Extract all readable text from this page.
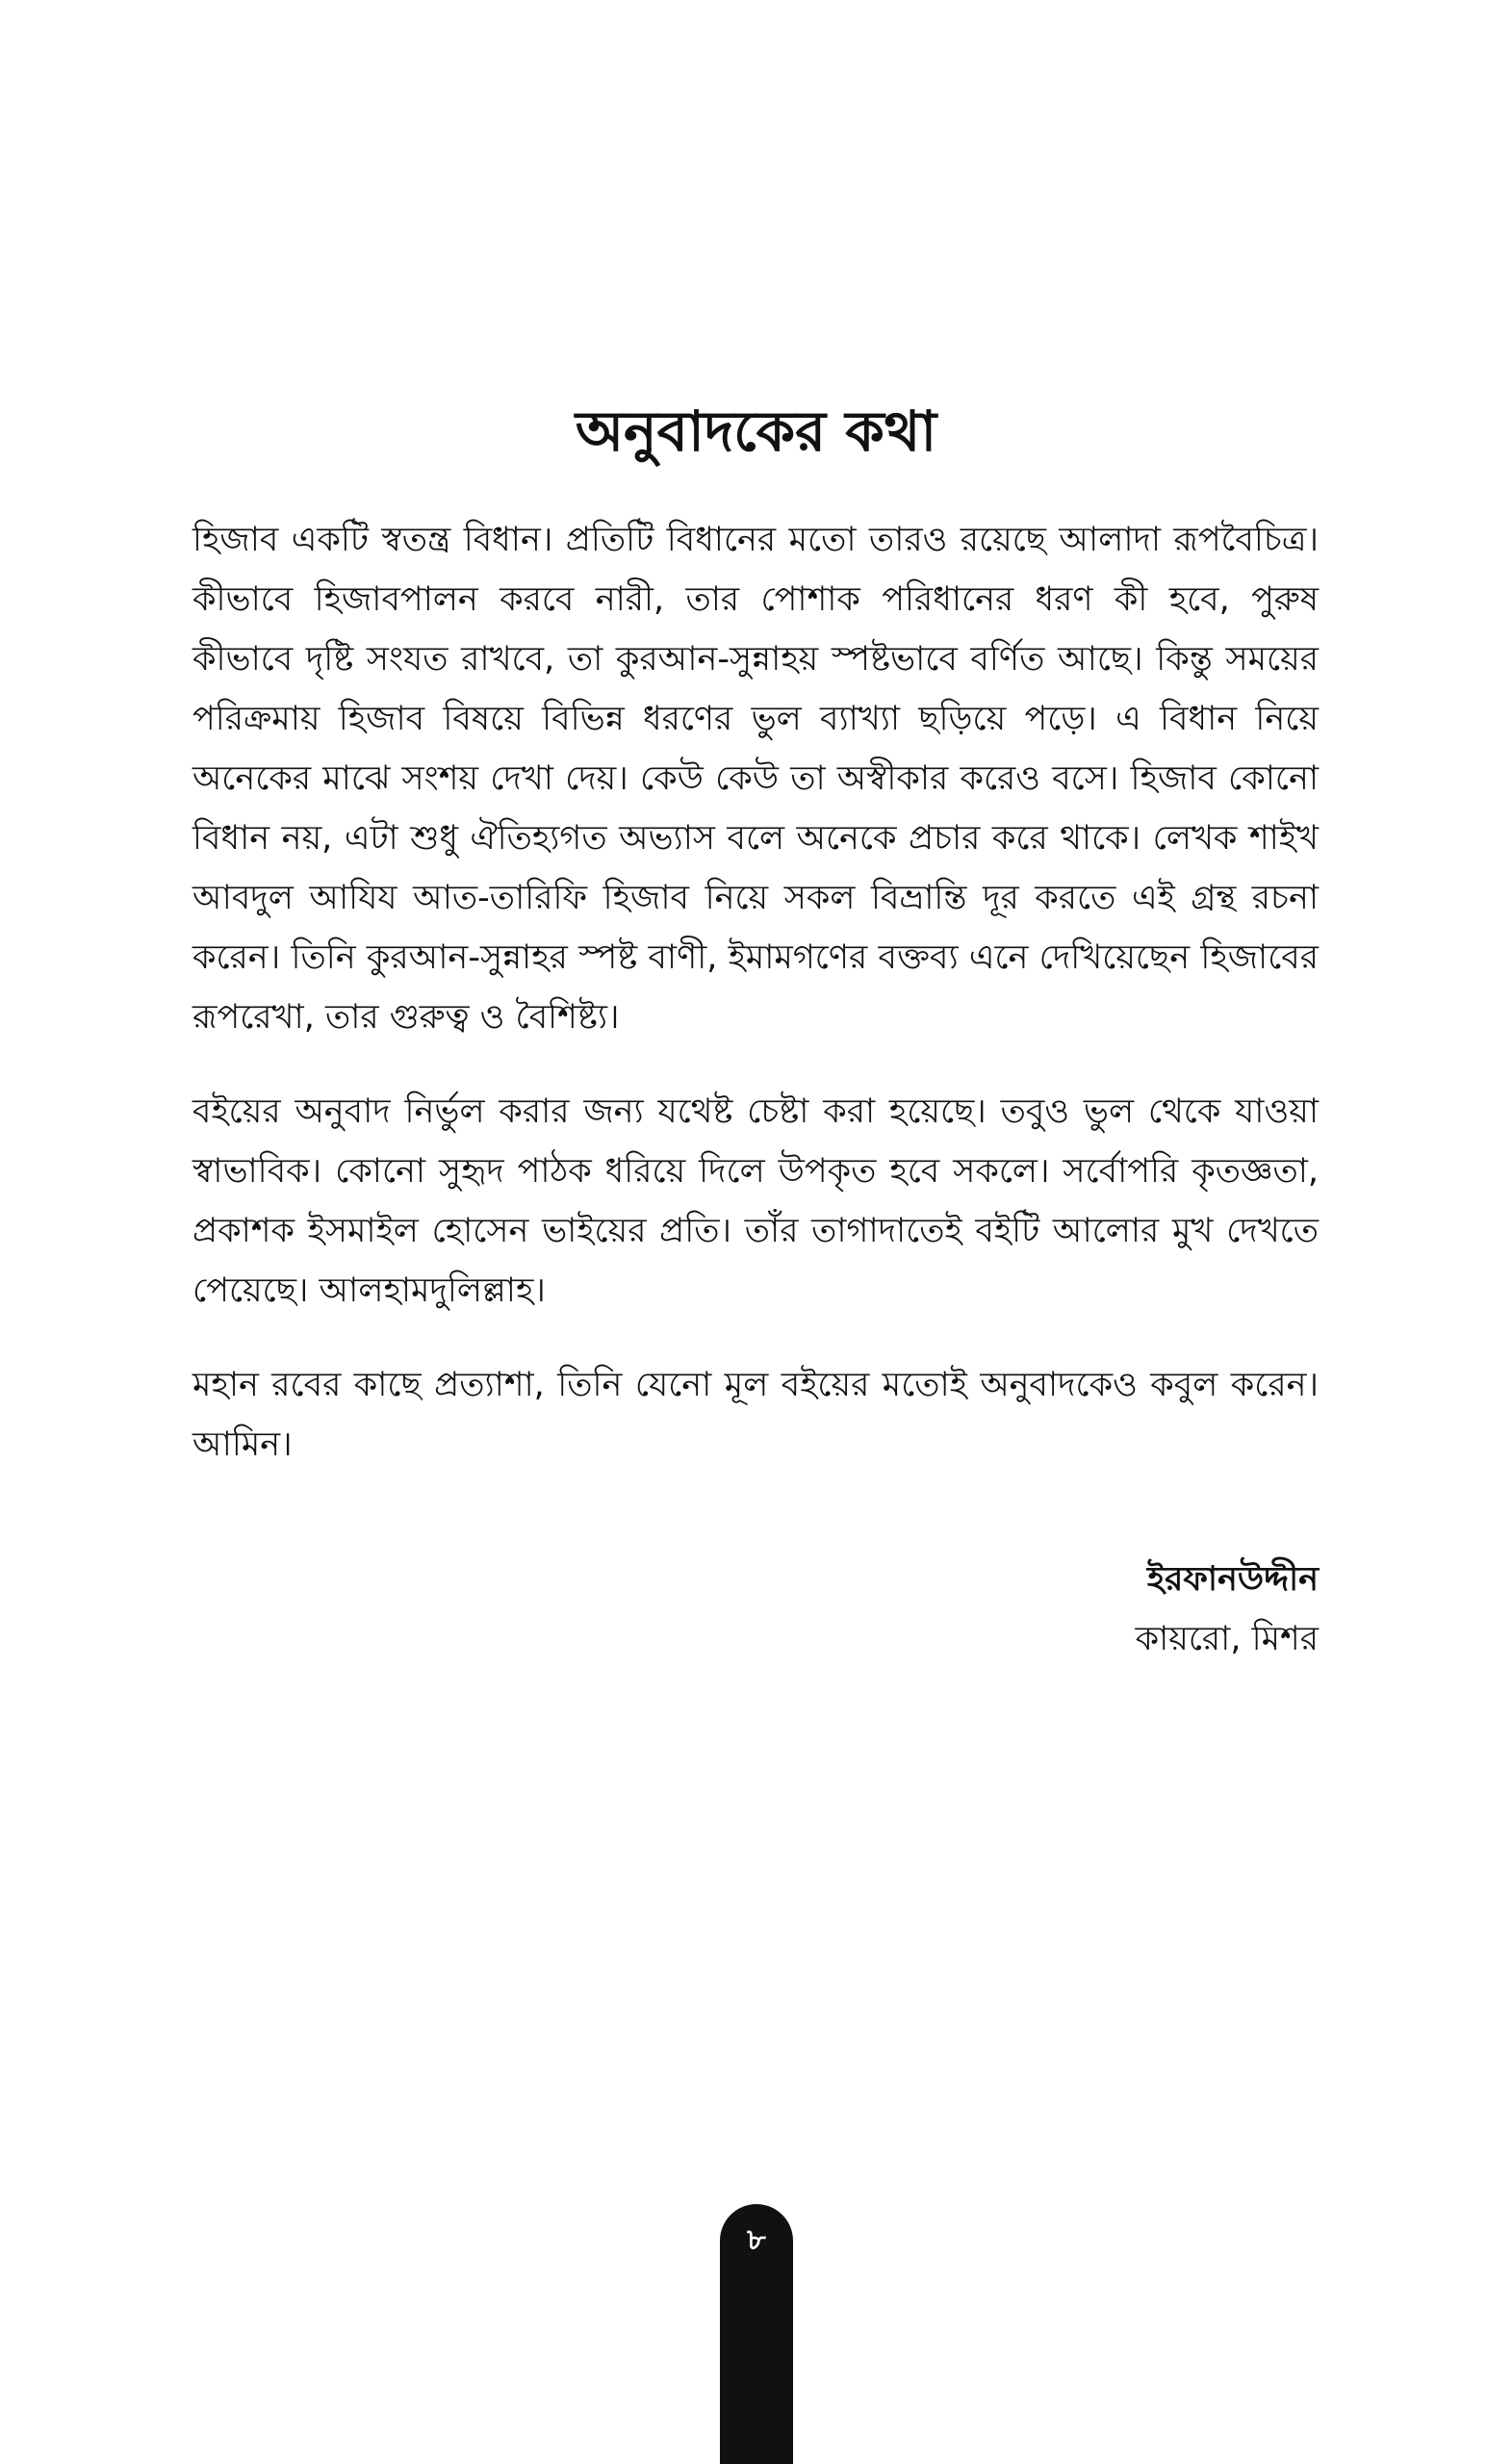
অনুবাদকের কথা

হিজাব একটি স্বতন্ত্র বিধান। প্রতিটি বিধানের মতো তারও রয়েছে আলাদা রূপবৈচিত্র। কীভাবে হিজাবপালন করবে নারী, তার পোশাক পরিধানের ধরণ কী হবে, পুরুষ কীভাবে দৃষ্টি সংযত রাখবে, তা কুরআন-সুন্নাহয় স্পষ্টভাবে বর্ণিত আছে। কিন্তু সময়ের পরিক্রমায় হিজাব বিষয়ে বিভিন্ন ধরণের ভুল ব্যাখ্যা ছড়িয়ে পড়ে। এ বিধান নিয়ে অনেকের মাঝে সংশয় দেখা দেয়। কেউ কেউ তা অস্বীকার করেও বসে। হিজাব কোনো বিধান নয়, এটা শুধু ঐতিহ্যগত অভ্যাস বলে অনেকে প্রচার করে থাকে। লেখক শাইখ আবদুল আযিয আত-তারিফি হিজাব নিয়ে সকল বিভ্রান্তি দূর করতে এই গ্রন্থ রচনা করেন। তিনি কুরআন-সুন্নাহর স্পষ্ট বাণী, ইমামগণের বক্তব্য এনে দেখিয়েছেন হিজাবের রূপরেখা, তার গুরুত্ব ও বৈশিষ্ট্য।

বইয়ের অনুবাদ নির্ভুল করার জন্য যথেষ্ট চেষ্টা করা হয়েছে। তবুও ভুল থেকে যাওয়া স্বাভাবিক। কোনো সুহৃদ পাঠক ধরিয়ে দিলে উপকৃত হবে সকলে। সর্বোপরি কৃতজ্ঞতা, প্রকাশক ইসমাইল হোসেন ভাইয়ের প্রতি। তাঁর তাগাদাতেই বইটি আলোর মুখ দেখতে পেয়েছে। আলহামদুলিল্লাহ।

মহান রবের কাছে প্রত্যাশা, তিনি যেনো মূল বইয়ের মতোই অনুবাদকেও কবুল করেন। আমিন।

ইরফানউদ্দীন
কায়রো, মিশর
৮
